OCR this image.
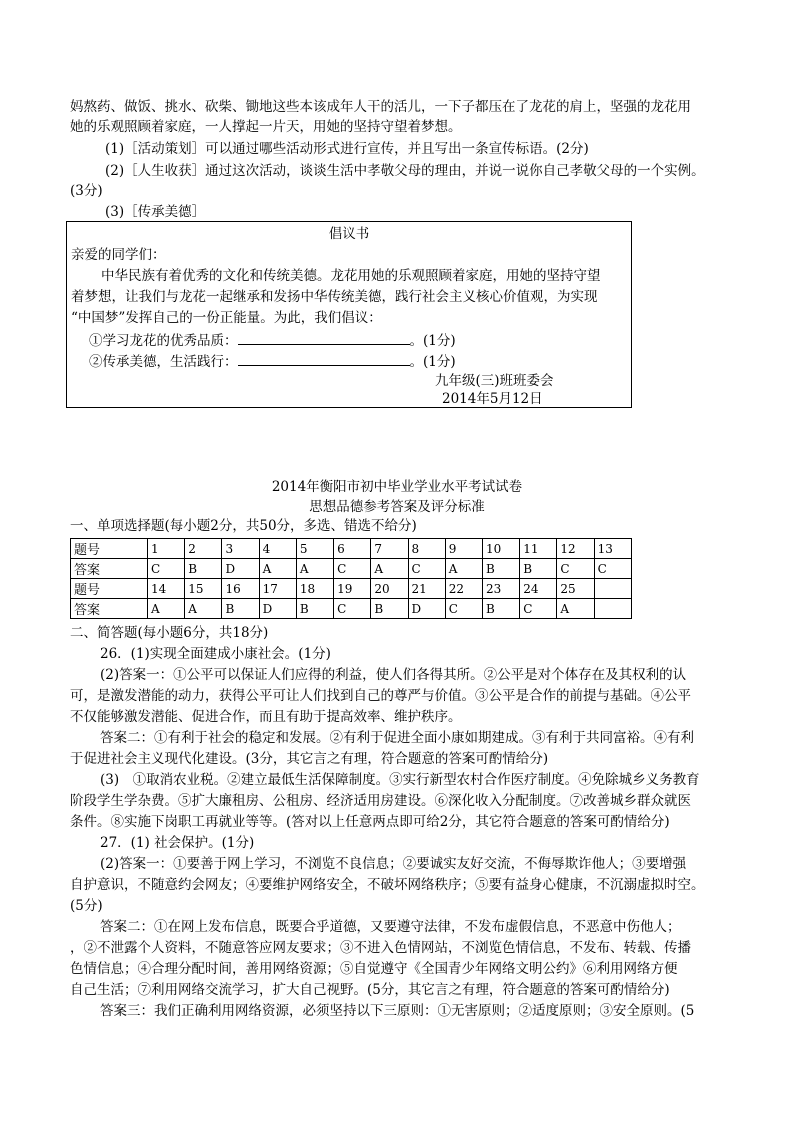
妈熬药、做饭、挑水、砍柴、锄地这些本该成年人干的活儿，一下子都压在了龙花的肩上，坚强的龙花用
她的乐观照顾着家庭，一人撑起一片天，用她的坚持守望着梦想。
(1)［活动策划］可以通过哪些活动形式进行宣传，并且写出一条宣传标语。(2分)
(2)［人生收获］通过这次活动，谈谈生活中孝敬父母的理由，并说一说你自己孝敬父母的一个实例。
(3分)
(3)［传承美德］
倡议书
亲爱的同学们：
中华民族有着优秀的文化和传统美德。龙花用她的乐观照顾着家庭，用她的坚持守望
着梦想，让我们与龙花一起继承和发扬中华传统美德，践行社会主义核心价值观，为实现
“中国梦”发挥自己的一份正能量。为此，我们倡议：
①学习龙花的优秀品质：	。(1分)
②传承美德，生活践行：	。(1分)
九年级(三)班班委会
2014年5月12日
2014年衡阳市初中毕业学业水平考试试卷
思想品德参考答案及评分标准
一、单项选择题(每小题2分，共50分，多选、错选不给分)
题号	1	2	3	4	5	6	7	8	9	10	11	12	13
答案	C	B	D	A	A	C	A	C	A	B	B	C	C
题号	14	15	16	17	18	19	20	21	22	23	24	25	
答案	A	A	B	D	B	C	B	D	C	B	C	A	
二、简答题(每小题6分，共18分)
26．(1)实现全面建成小康社会。(1分)
(2)答案一：①公平可以保证人们应得的利益，使人们各得其所。②公平是对个体存在及其权利的认
可，是激发潜能的动力，获得公平可让人们找到自己的尊严与价值。③公平是合作的前提与基础。④公平
不仅能够激发潜能、促进合作，而且有助于提高效率、维护秩序。
答案二：①有利于社会的稳定和发展。②有利于促进全面小康如期建成。③有利于共同富裕。④有利
于促进社会主义现代化建设。(3分，其它言之有理，符合题意的答案可酌情给分)
(3)　①取消农业税。②建立最低生活保障制度。③实行新型农村合作医疗制度。④免除城乡义务教育
阶段学生学杂费。⑤扩大廉租房、公租房、经济适用房建设。⑥深化收入分配制度。⑦改善城乡群众就医
条件。⑧实施下岗职工再就业等等。(答对以上任意两点即可给2分，其它符合题意的答案可酌情给分)
27．(1) 社会保护。(1分)
(2)答案一：①要善于网上学习，不浏览不良信息；②要诚实友好交流，不侮辱欺诈他人；③要增强
自护意识，不随意约会网友；④要维护网络安全，不破坏网络秩序；⑤要有益身心健康，不沉溺虚拟时空。
(5分)
答案二：①在网上发布信息，既要合乎道德，又要遵守法律，不发布虚假信息，不恶意中伤他人；
，②不泄露个人资料，不随意答应网友要求；③不进入色情网站，不浏览色情信息，不发布、转载、传播
色情信息；④合理分配时间，善用网络资源；⑤自觉遵守《全国青少年网络文明公约》⑥利用网络方便
自己生活；⑦利用网络交流学习，扩大自己视野。(5分，其它言之有理，符合题意的答案可酌情给分)
答案三：我们正确利用网络资源，必须坚持以下三原则：①无害原则；②适度原则；③安全原则。(5
